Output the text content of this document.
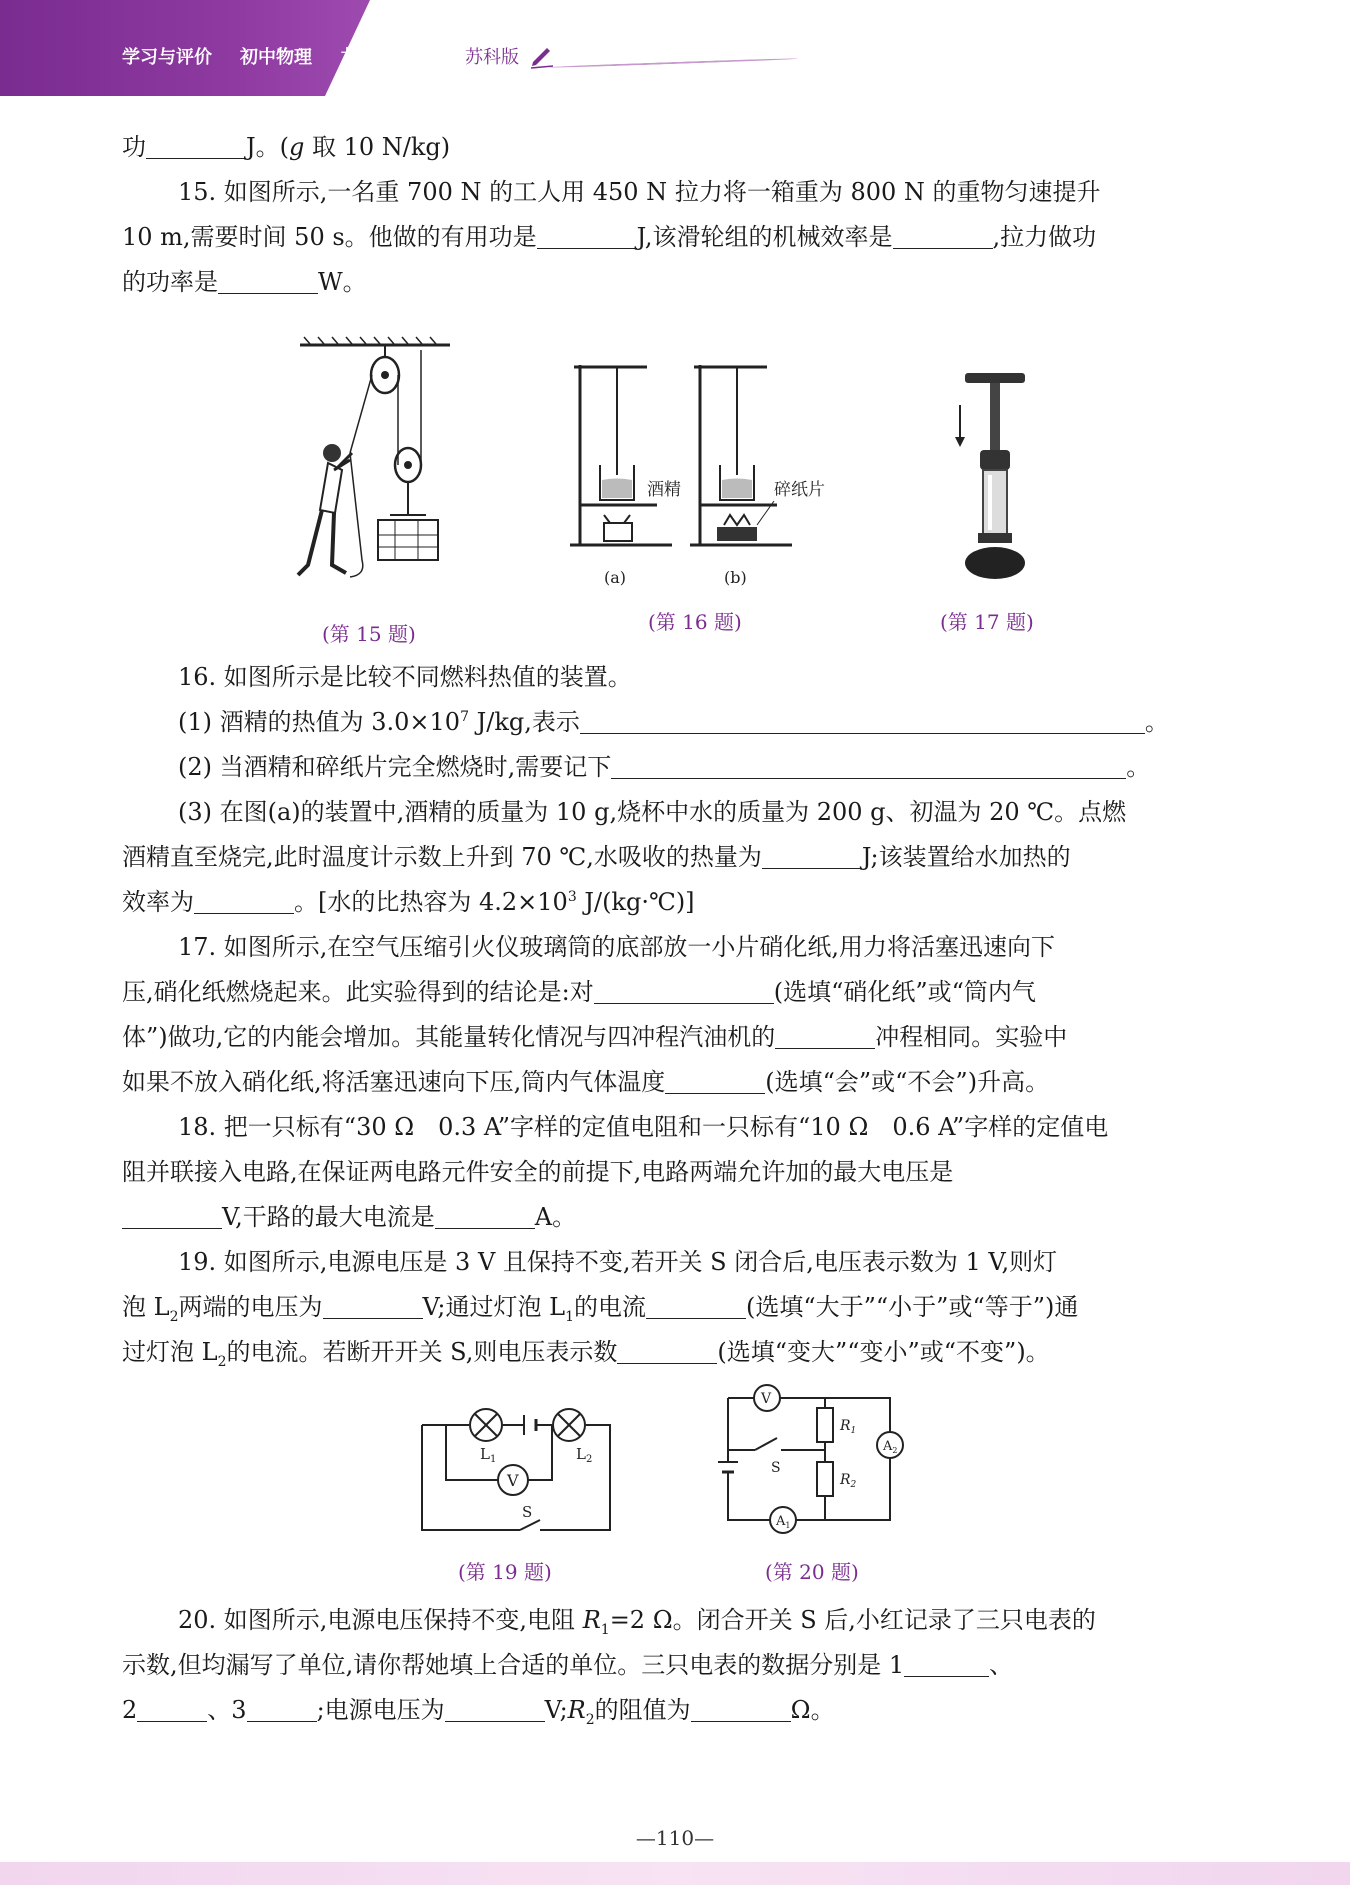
学习与评价 初中物理 九年级上册 苏科版
功	J。(g 取 10 N/kg)
15. 如图所示,一名重 700 N 的工人用 450 N 拉力将一箱重为 800 N 的重物匀速提升
10 m,需要时间 50 s。他做的有用功是	J,该滑轮组的机械效率是	,拉力做功
的功率是	W。
酒精
(a)
碎纸片
(b)
(第 15 题)	(第 16 题)	(第 17 题)
16. 如图所示是比较不同燃料热值的装置。
(1) 酒精的热值为 $3.0\times 10^7$ J/kg,表示	。
(2) 当酒精和碎纸片完全燃烧时,需要记下	。
(3) 在图(a)的装置中,酒精的质量为 10 g,烧杯中水的质量为 200 g、初温为 20 ℃。点燃
酒精直至烧完,此时温度计示数上升到 70 ℃,水吸收的热量为	J;该装置给水加热的
效率为	。[水的比热容为 $4.2\times 10^3$ J/(kg·℃)]
17. 如图所示,在空气压缩引火仪玻璃筒的底部放一小片硝化纸,用力将活塞迅速向下
压,硝化纸燃烧起来。此实验得到的结论是:对	(选填“硝化纸”或“筒内气
体”)做功,它的内能会增加。其能量转化情况与四冲程汽油机的	冲程相同。实验中
如果不放入硝化纸,将活塞迅速向下压,筒内气体温度	(选填“会”或“不会”)升高。
18. 把一只标有“30 Ω　0.3 A”字样的定值电阻和一只标有“10 Ω　0.6 A”字样的定值电
阻并联接入电路,在保证两电路元件安全的前提下,电路两端允许加的最大电压是
V,干路的最大电流是	A。
19. 如图所示,电源电压是 3 V 且保持不变,若开关 S 闭合后,电压表示数为 1 V,则灯
泡 $L_2$两端的电压为	V;通过灯泡 $L_1$的电流	(选填“大于”“小于”或“等于”)通
过灯泡 $L_2$的电流。若断开开关 S,则电压表示数	(选填“变大”“变小”或“不变”)。
$L_1$	$L_2$
V
S
V
$R_1$
$R_2$
$A_1$
$A_2$
S
(第 19 题)	(第 20 题)
20. 如图所示,电源电压保持不变,电阻 $R_1=2$ Ω。闭合开关 S 后,小红记录了三只电表的
示数,但均漏写了单位,请你帮她填上合适的单位。三只电表的数据分别是 1	、
2	、3	;电源电压为	$V;R_2$的阻值为	Ω。
—110—
